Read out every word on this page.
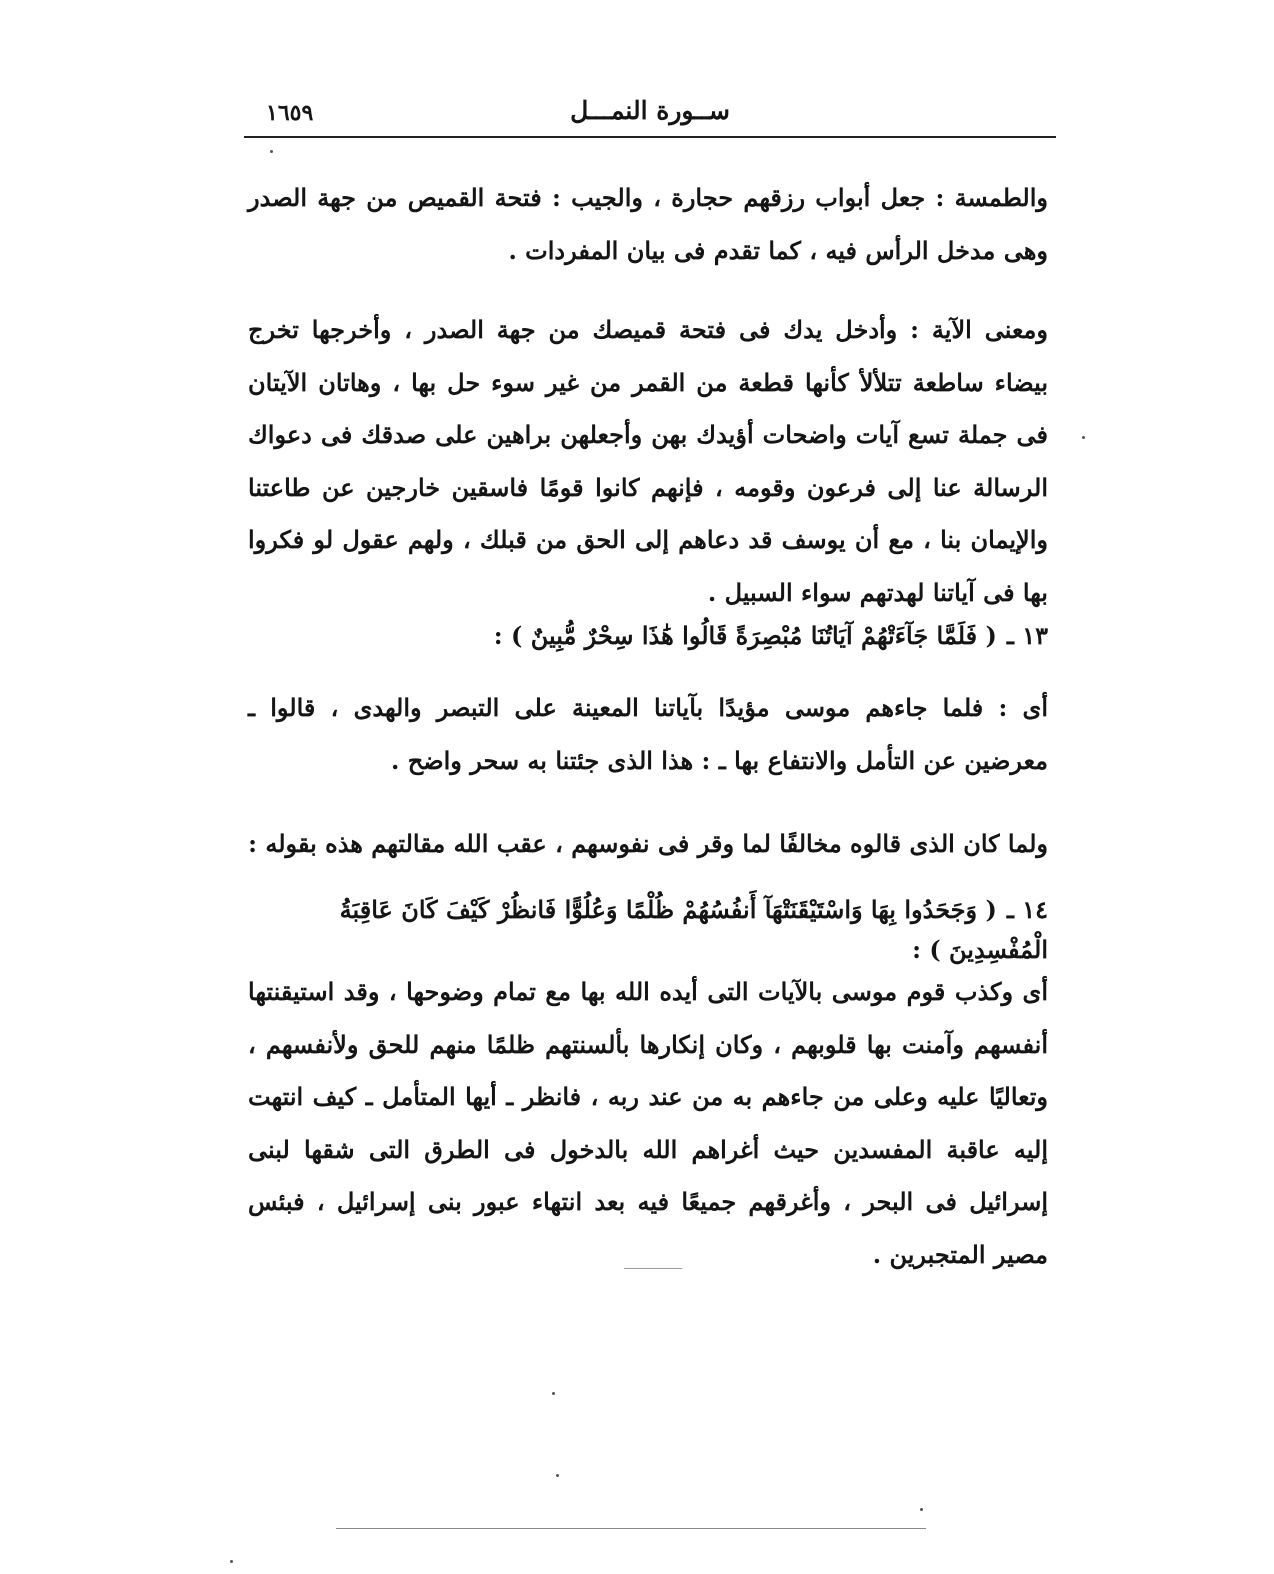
ســورة النمـــل
١٦٥٩

والطمسة : جعل أبواب رزقهم حجارة ، والجيب : فتحة القميص من جهة الصدر وهى مدخل الرأس فيه ، كما تقدم فى بيان المفردات .

ومعنى الآية : وأدخل يدك فى فتحة قميصك من جهة الصدر ، وأخرجها تخرج بيضاء ساطعة تتلألأ كأنها قطعة من القمر من غير سوء حل بها ، وهاتان الآيتان فى جملة تسع آيات واضحات أؤيدك بهن وأجعلهن براهين على صدقك فى دعواك الرسالة عنا إلى فرعون وقومه ، فإنهم كانوا قومًا فاسقين خارجين عن طاعتنا والإيمان بنا ، مع أن يوسف قد دعاهم إلى الحق من قبلك ، ولهم عقول لو فكروا بها فى آياتنا لهدتهم سواء السبيل .

١٣ ـ( فَلَمَّا جَآءَتْهُمْ آيَاتُنَا مُبْصِرَةً قَالُوا هَٰذَا سِحْرٌ مُّبِينٌ ) :

أى : فلما جاءهم موسى مؤيدًا بآياتنا المعينة على التبصر والهدى ، قالوا ـ معرضين عن التأمل والانتفاع بها ـ : هذا الذى جئتنا به سحر واضح .

ولما كان الذى قالوه مخالفًا لما وقر فى نفوسهم ، عقب الله مقالتهم هذه بقوله :

١٤ ـ( وَجَحَدُوا بِهَا وَاسْتَيْقَنَتْهَآ أَنفُسُهُمْ ظُلْمًا وَعُلُوًّا فَانظُرْ كَيْفَ كَانَ عَاقِبَةُ الْمُفْسِدِينَ ) :

أى وكذب قوم موسى بالآيات التى أيده الله بها مع تمام وضوحها ، وقد استيقنتها أنفسهم وآمنت بها قلوبهم ، وكان إنكارها بألسنتهم ظلمًا منهم للحق ولأنفسهم ، وتعاليًا عليه وعلى من جاءهم به من عند ربه ، فانظر ـ أيها المتأمل ـ كيف انتهت إليه عاقبة المفسدين حيث أغراهم الله بالدخول فى الطرق التى شقها لبنى إسرائيل فى البحر ، وأغرقهم جميعًا فيه بعد انتهاء عبور بنى إسرائيل ، فبئس مصير المتجبرين .
